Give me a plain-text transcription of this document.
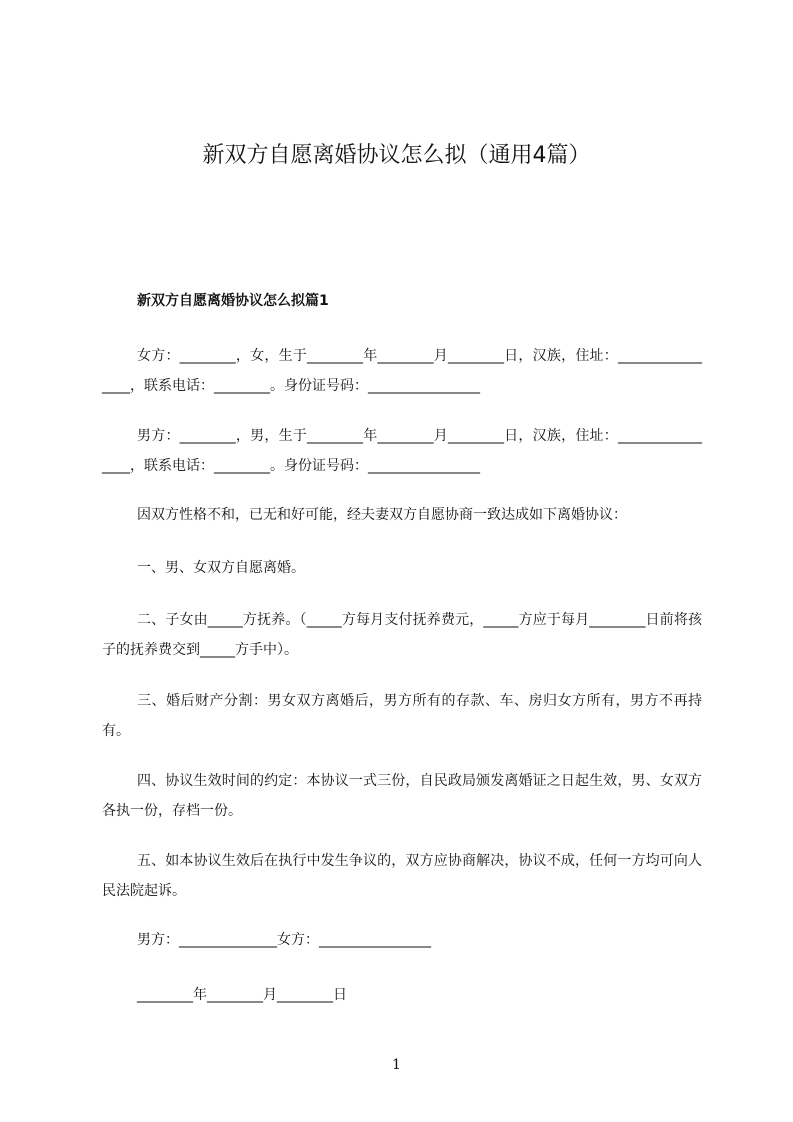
新双方自愿离婚协议怎么拟（通用4篇）
新双方自愿离婚协议怎么拟篇1

女方：________，女，生于________年________月________日，汉族，住址：________________，联系电话：________。身份证号码：________________

男方：________，男，生于________年________月________日，汉族，住址：________________，联系电话：________。身份证号码：________________

因双方性格不和，已无和好可能，经夫妻双方自愿协商一致达成如下离婚协议：

一、男、女双方自愿离婚。

二、子女由_____方抚养。（_____方每月支付抚养费元，_____方应于每月________日前将孩子的抚养费交到_____方手中）。

三、婚后财产分割：男女双方离婚后，男方所有的存款、车、房归女方所有，男方不再持有。

四、协议生效时间的约定：本协议一式三份，自民政局颁发离婚证之日起生效，男、女双方各执一份，存档一份。

五、如本协议生效后在执行中发生争议的，双方应协商解决，协议不成，任何一方均可向人民法院起诉。

男方：______________女方：________________

________年________月________日

1
